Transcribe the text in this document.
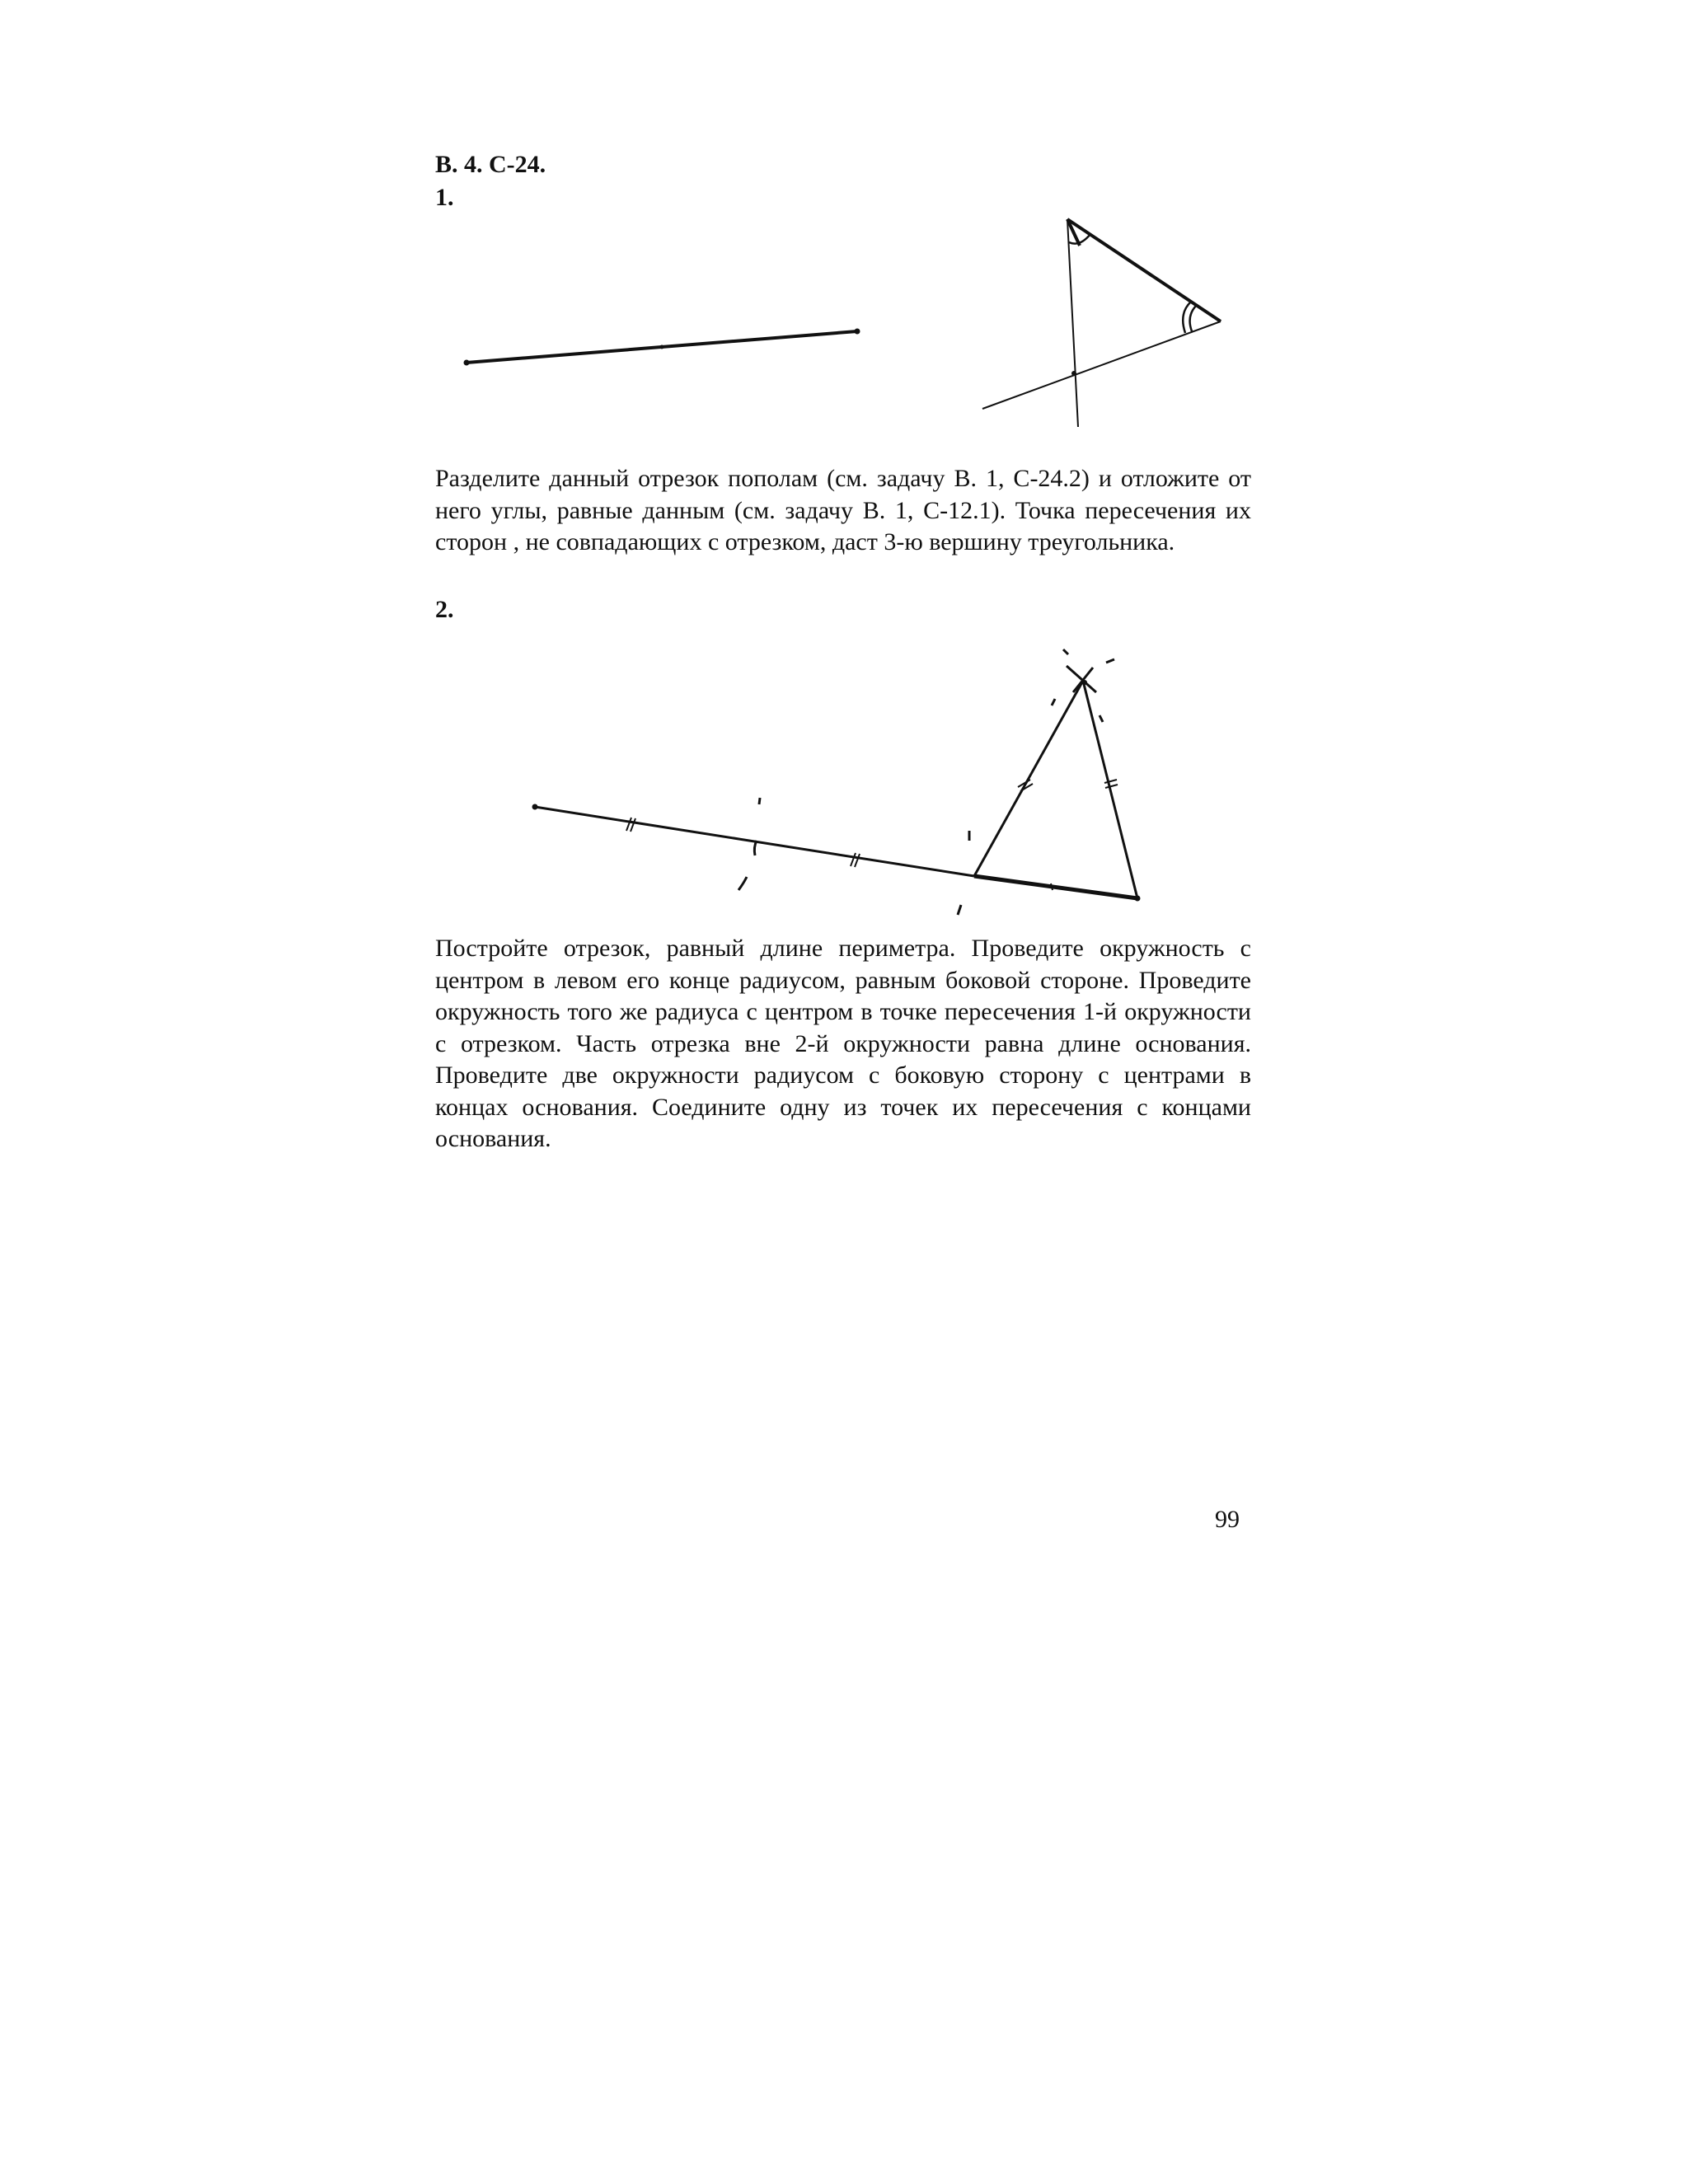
В. 4. С-24.
1.

Разделите данный отрезок пополам (см. задачу В. 1, С-24.2) и отложите от него углы, равные данным (см. задачу В. 1, С-12.1). Точка пересечения их сторон , не совпадающих с отрезком, даст 3-ю вершину треугольника.

2.

Постройте отрезок, равный длине периметра. Проведите окружность с центром в левом его конце радиусом, равным боковой стороне. Проведите окружность того же радиуса с центром в точке пересечения 1-й окружности с отрезком. Часть отрезка вне 2-й окружности равна длине основания. Проведите две окружности радиусом с боковую сторону с центрами в концах основания. Соедините одну из точек их пересечения с концами основания.

99
